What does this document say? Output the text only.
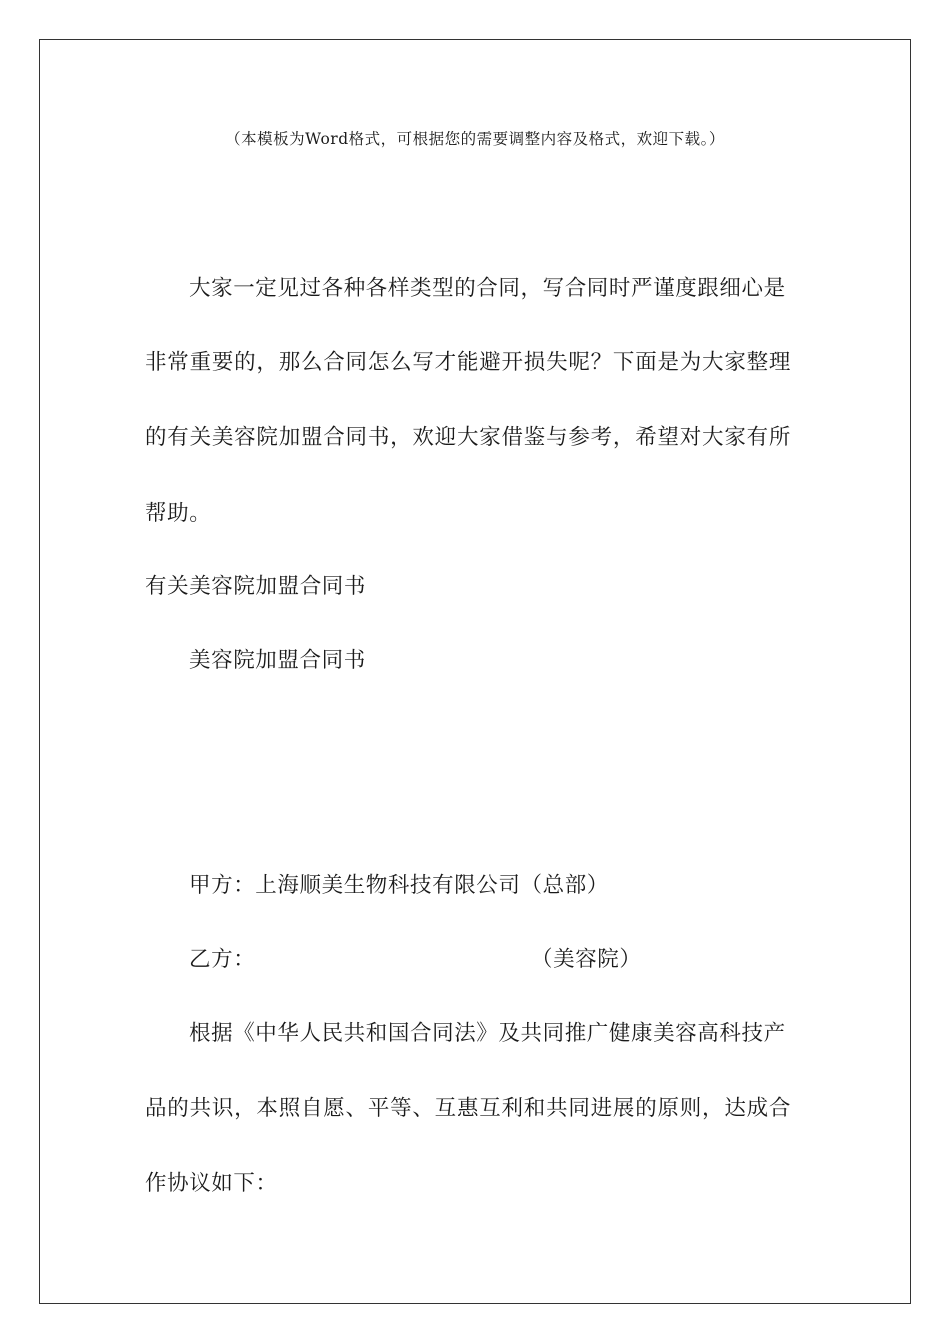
（本模板为Word格式，可根据您的需要调整内容及格式，欢迎下载。）
大家一定见过各种各样类型的合同，写合同时严谨度跟细心是
非常重要的，那么合同怎么写才能避开损失呢？下面是为大家整理
的有关美容院加盟合同书，欢迎大家借鉴与参考，希望对大家有所
帮助。
有关美容院加盟合同书
美容院加盟合同书
甲方：上海顺美生物科技有限公司（总部）
乙方：	（美容院）
根据《中华人民共和国合同法》及共同推广健康美容高科技产
品的共识，本照自愿、平等、互惠互利和共同进展的原则，达成合
作协议如下：
